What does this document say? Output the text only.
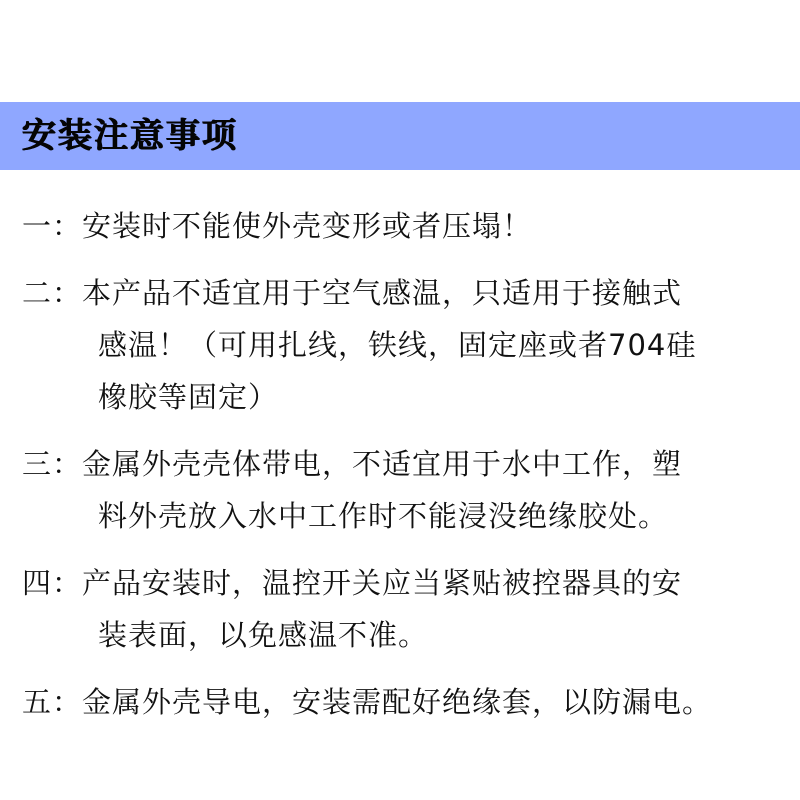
安装注意事项
一：安装时不能使外壳变形或者压塌！
二：本产品不适宜用于空气感温，只适用于接触式
感温！（可用扎线，铁线，固定座或者704硅
橡胶等固定）
三：金属外壳壳体带电，不适宜用于水中工作，塑
料外壳放入水中工作时不能浸没绝缘胶处。
四：产品安装时，温控开关应当紧贴被控器具的安
装表面，以免感温不准。
五：金属外壳导电，安装需配好绝缘套，以防漏电。
